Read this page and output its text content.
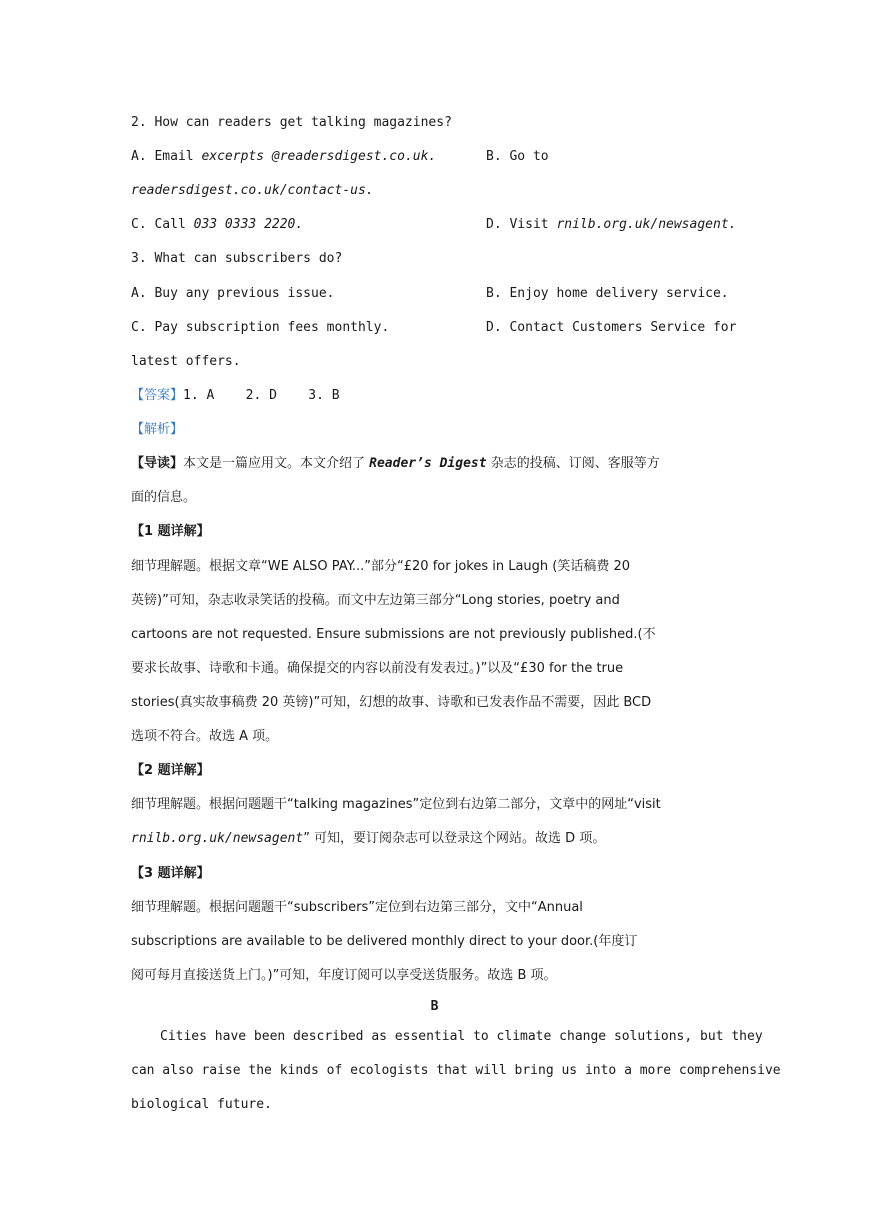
2. How can readers get talking magazines?
A. Email excerpts @readersdigest.co.uk.	B. Go to
readersdigest.co.uk/contact-us.
C. Call 033 0333 2220.	D. Visit rnilb.org.uk/newsagent.
3. What can subscribers do?
A. Buy any previous issue.	B. Enjoy home delivery service.
C. Pay subscription fees monthly.	D. Contact Customers Service for
latest offers.
【答案】1. A    2. D    3. B
【解析】
【导读】本文是一篇应用文。本文介绍了 Reader’s Digest 杂志的投稿、订阅、客服等方
面的信息。
【1 题详解】
细节理解题。根据文章“WE ALSO PAY...”部分“£20 for jokes in Laugh (笑话稿费 20
英镑)”可知，杂志收录笑话的投稿。而文中左边第三部分“Long stories, poetry and
cartoons are not requested. Ensure submissions are not previously published.(不
要求长故事、诗歌和卡通。确保提交的内容以前没有发表过。)”以及“£30 for the true
stories(真实故事稿费 20 英镑)”可知，幻想的故事、诗歌和已发表作品不需要，因此 BCD
选项不符合。故选 A 项。
【2 题详解】
细节理解题。根据问题题干“talking magazines”定位到右边第二部分，文章中的网址“visit
rnilb.org.uk/newsagent” 可知，要订阅杂志可以登录这个网站。故选 D 项。
【3 题详解】
细节理解题。根据问题题干“subscribers”定位到右边第三部分，文中“Annual
subscriptions are available to be delivered monthly direct to your door.(年度订
阅可每月直接送货上门。)”可知，年度订阅可以享受送货服务。故选 B 项。
B
Cities have been described as essential to climate change solutions, but they
can also raise the kinds of ecologists that will bring us into a more comprehensive
biological future.
